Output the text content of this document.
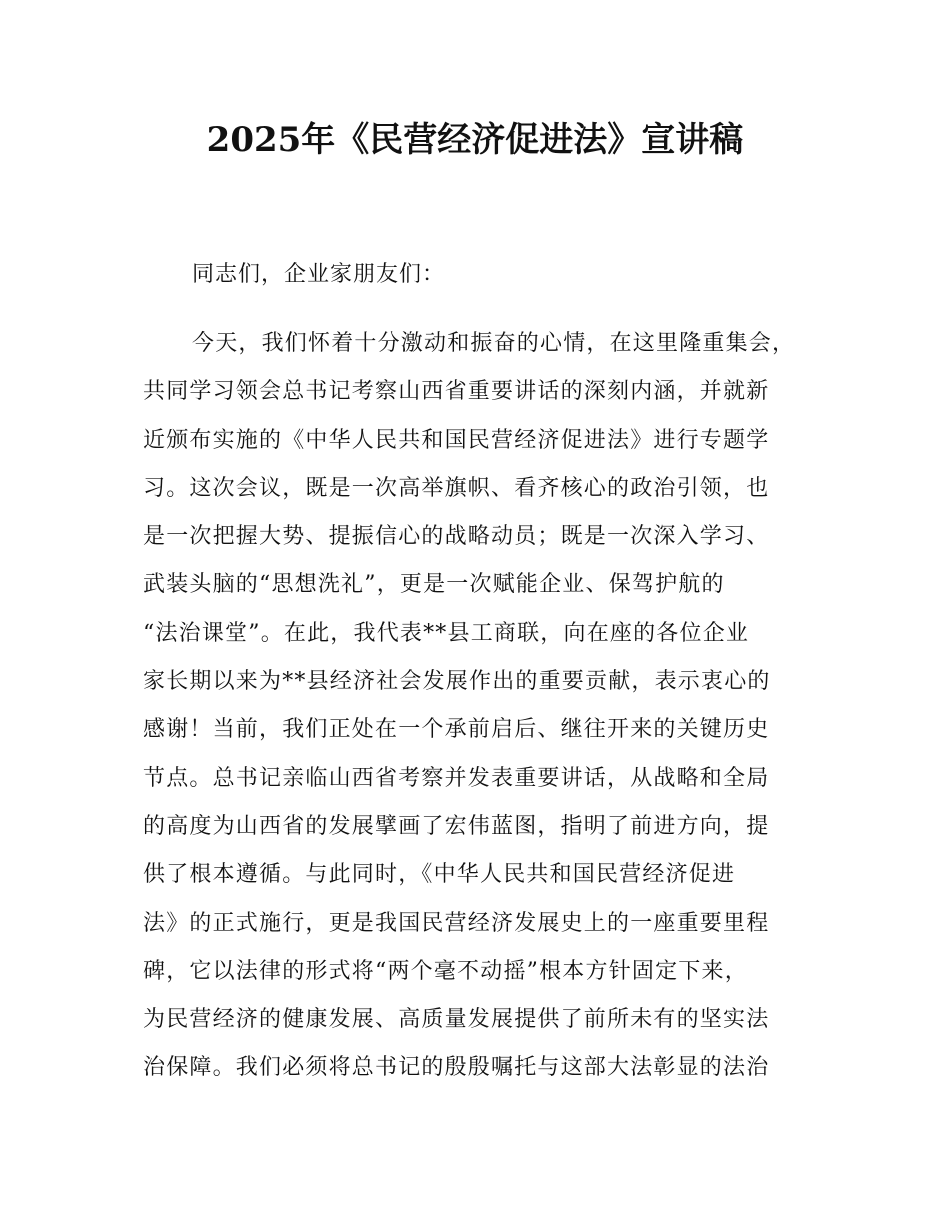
2025年《民营经济促进法》宣讲稿

同志们，企业家朋友们：

今天，我们怀着十分激动和振奋的心情，在这里隆重集会，

共同学习领会总书记考察山西省重要讲话的深刻内涵，并就新

近颁布实施的《中华人民共和国民营经济促进法》进行专题学

习。这次会议，既是一次高举旗帜、看齐核心的政治引领，也

是一次把握大势、提振信心的战略动员；既是一次深入学习、

武装头脑的“思想洗礼”，更是一次赋能企业、保驾护航的

“法治课堂”。在此，我代表**县工商联，向在座的各位企业

家长期以来为**县经济社会发展作出的重要贡献，表示衷心的

感谢！当前，我们正处在一个承前启后、继往开来的关键历史

节点。总书记亲临山西省考察并发表重要讲话，从战略和全局

的高度为山西省的发展擘画了宏伟蓝图，指明了前进方向，提

供了根本遵循。与此同时，《中华人民共和国民营经济促进

法》的正式施行，更是我国民营经济发展史上的一座重要里程

碑，它以法律的形式将“两个毫不动摇”根本方针固定下来，

为民营经济的健康发展、高质量发展提供了前所未有的坚实法

治保障。我们必须将总书记的殷殷嘱托与这部大法彰显的法治
